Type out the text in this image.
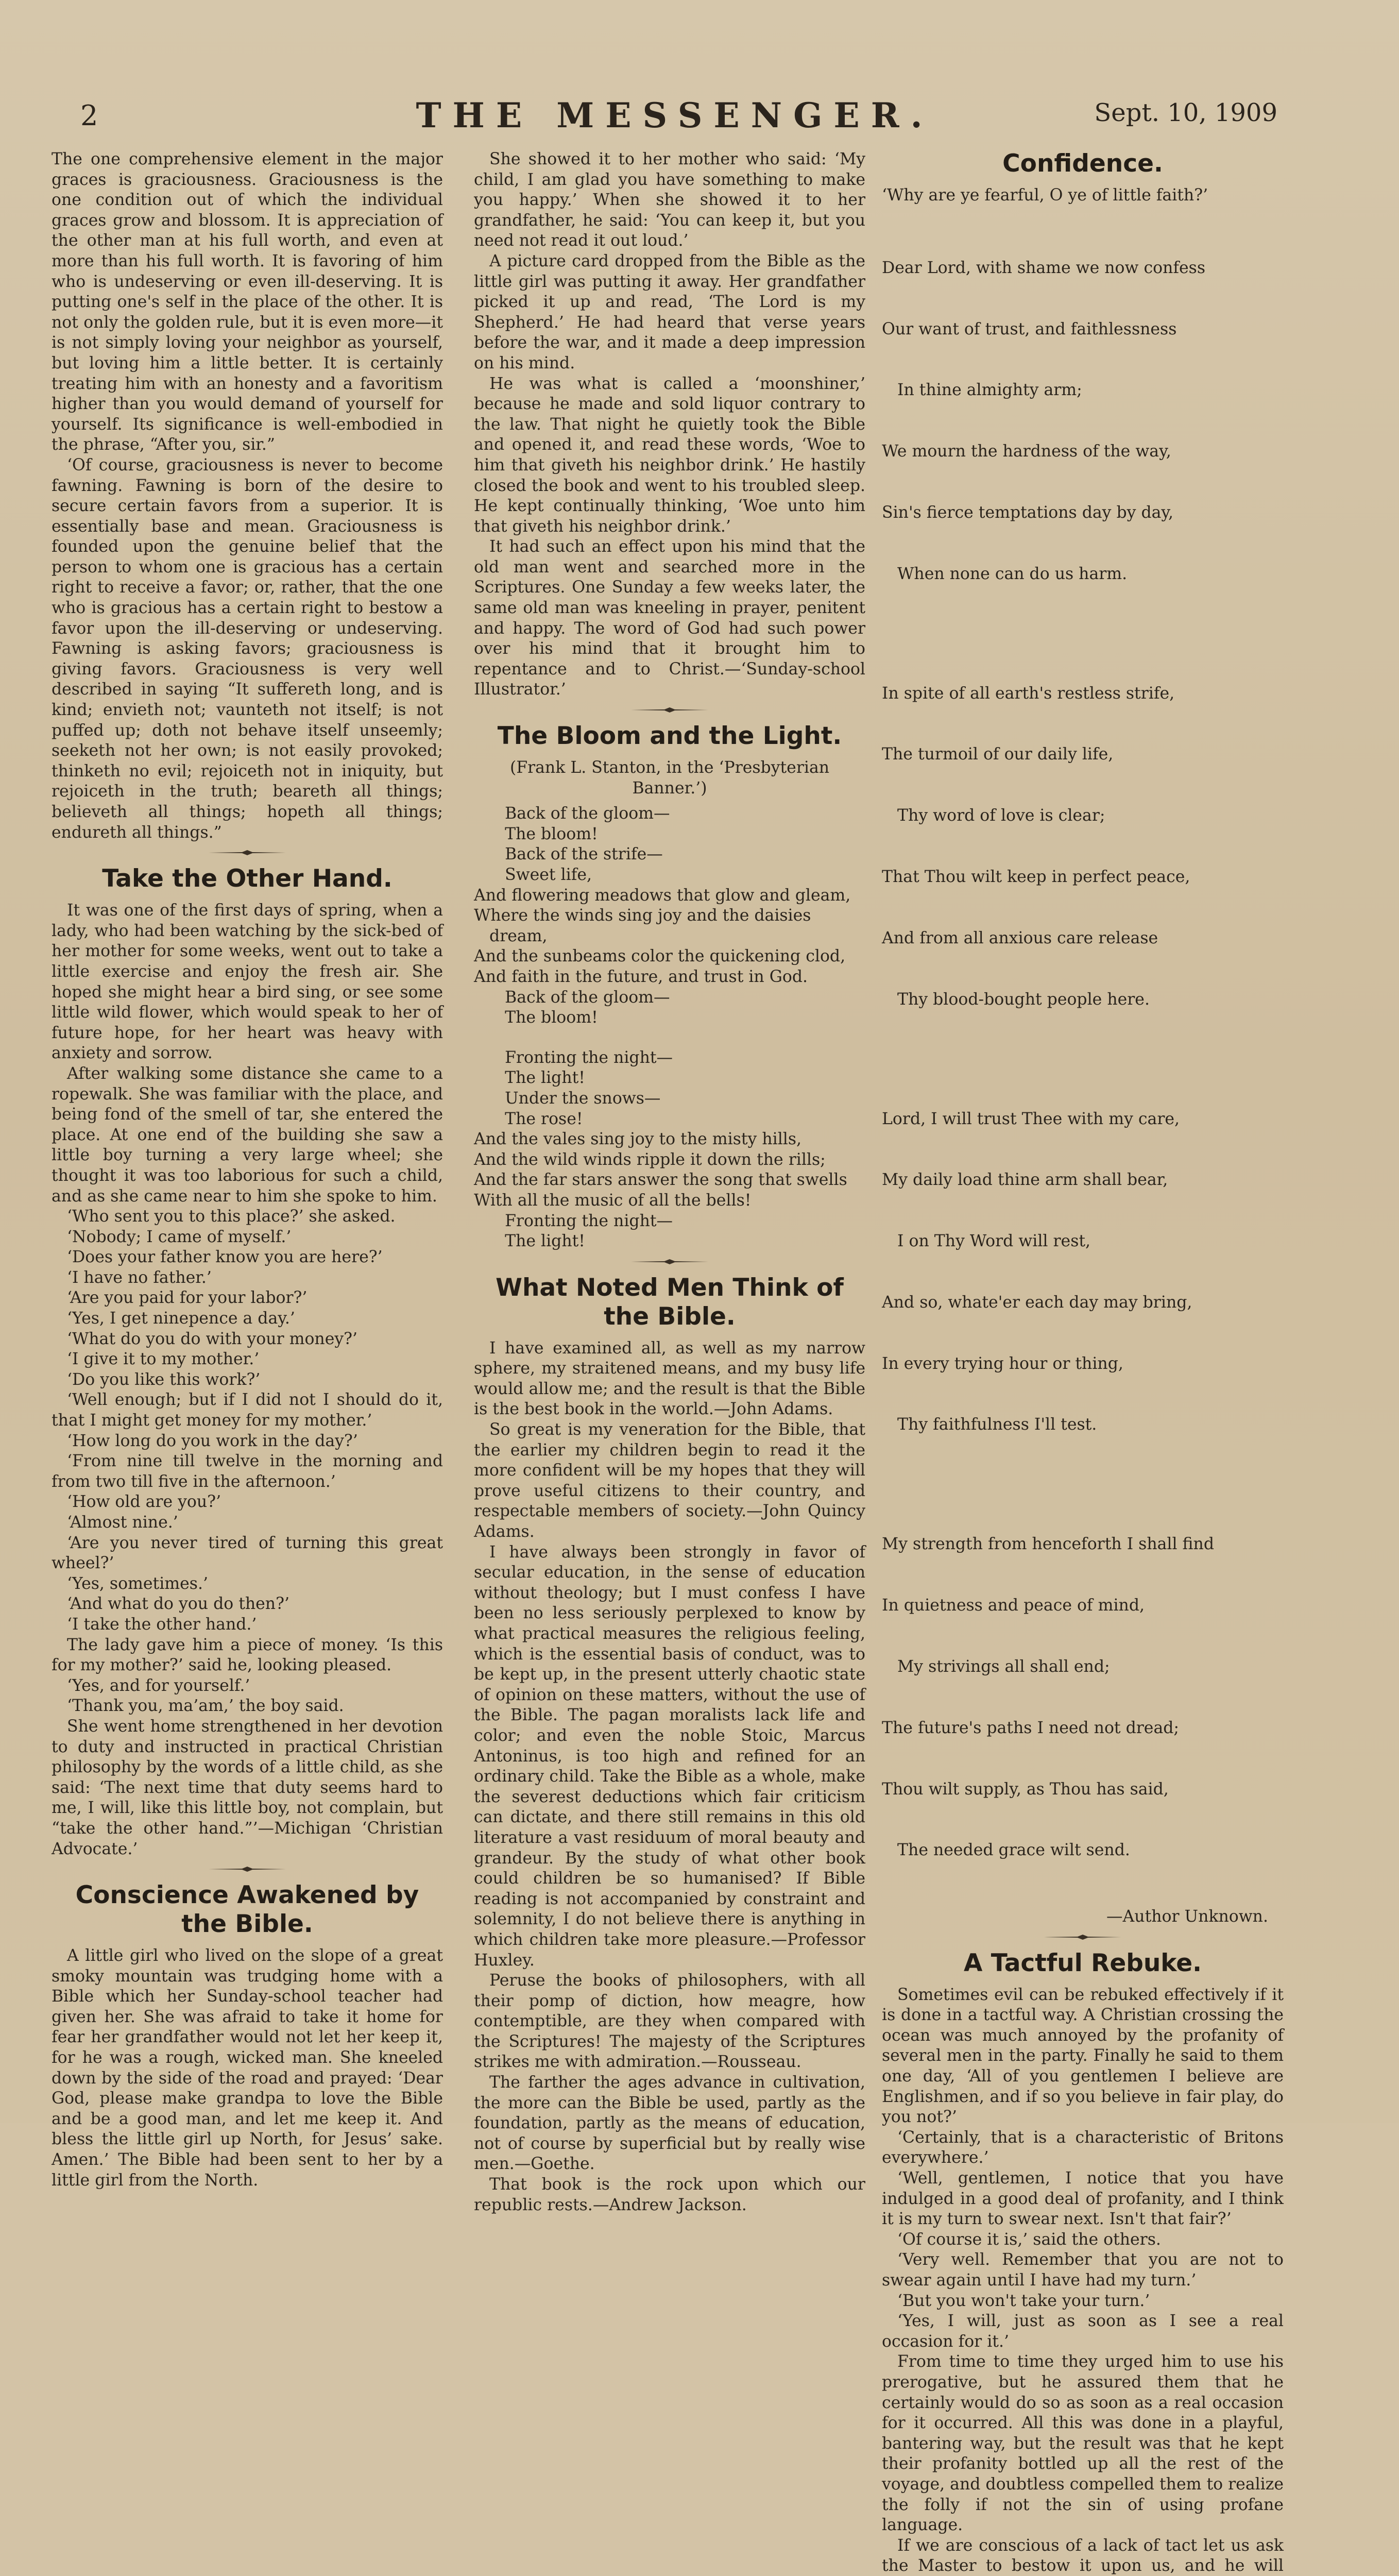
2	THE MESSENGER.	Sept. 10, 1909

The one comprehensive element in the major graces is graciousness. Graciousness is the one condition out of which the individual graces grow and blossom. It is appreciation of the other man at his full worth, and even at more than his full worth. It is favoring of him who is undeserving or even ill-deserving. It is putting one's self in the place of the other. It is not only the golden rule, but it is even more—it is not simply loving your neighbor as yourself, but loving him a little better. It is certainly treating him with an honesty and a favoritism higher than you would demand of yourself for yourself. Its significance is well-embodied in the phrase, “After you, sir.”

‘Of course, graciousness is never to become fawning. Fawning is born of the desire to secure certain favors from a superior. It is essentially base and mean. Graciousness is founded upon the genuine belief that the person to whom one is gracious has a certain right to receive a favor; or, rather, that the one who is gracious has a certain right to bestow a favor upon the ill-deserving or undeserving. Fawning is asking favors; graciousness is giving favors. Graciousness is very well described in saying “It suffereth long, and is kind; envieth not; vaunteth not itself; is not puffed up; doth not behave itself unseemly; seeketh not her own; is not easily provoked; thinketh no evil; rejoiceth not in iniquity, but rejoiceth in the truth; beareth all things; believeth all things; hopeth all things; endureth all things.”

Take the Other Hand.

It was one of the first days of spring, when a lady, who had been watching by the sick-bed of her mother for some weeks, went out to take a little exercise and enjoy the fresh air. She hoped she might hear a bird sing, or see some little wild flower, which would speak to her of future hope, for her heart was heavy with anxiety and sorrow.

After walking some distance she came to a ropewalk. She was familiar with the place, and being fond of the smell of tar, she entered the place. At one end of the building she saw a little boy turning a very large wheel; she thought it was too laborious for such a child, and as she came near to him she spoke to him.

‘Who sent you to this place?’ she asked.

‘Nobody; I came of myself.’

‘Does your father know you are here?’

‘I have no father.’

‘Are you paid for your labor?’

‘Yes, I get ninepence a day.’

‘What do you do with your money?’

‘I give it to my mother.’

‘Do you like this work?’

‘Well enough; but if I did not I should do it, that I might get money for my mother.’

‘How long do you work in the day?’

‘From nine till twelve in the morning and from two till five in the afternoon.’

‘How old are you?’

‘Almost nine.’

‘Are you never tired of turning this great wheel?’

‘Yes, sometimes.’

‘And what do you do then?’

‘I take the other hand.’

The lady gave him a piece of money. ‘Is this for my mother?’ said he, looking pleased.

‘Yes, and for yourself.’

‘Thank you, ma’am,’ the boy said.

She went home strengthened in her devotion to duty and instructed in practical Christian philosophy by the words of a little child, as she said: ‘The next time that duty seems hard to me, I will, like this little boy, not complain, but “take the other hand.”’—Michigan ‘Christian Advocate.’

Conscience Awakened by the Bible.

A little girl who lived on the slope of a great smoky mountain was trudging home with a Bible which her Sunday-school teacher had given her. She was afraid to take it home for fear her grandfather would not let her keep it, for he was a rough, wicked man. She kneeled down by the side of the road and prayed: ‘Dear God, please make grandpa to love the Bible and be a good man, and let me keep it. And bless the little girl up North, for Jesus’ sake. Amen.’ The Bible had been sent to her by a little girl from the North.

She showed it to her mother who said: ‘My child, I am glad you have something to make you happy.’ When she showed it to her grandfather, he said: ‘You can keep it, but you need not read it out loud.’

A picture card dropped from the Bible as the little girl was putting it away. Her grandfather picked it up and read, ‘The Lord is my Shepherd.’ He had heard that verse years before the war, and it made a deep impression on his mind.

He was what is called a ‘moonshiner,’ because he made and sold liquor contrary to the law. That night he quietly took the Bible and opened it, and read these words, ‘Woe to him that giveth his neighbor drink.’ He hastily closed the book and went to his troubled sleep. He kept continually thinking, ‘Woe unto him that giveth his neighbor drink.’

It had such an effect upon his mind that the old man went and searched more in the Scriptures. One Sunday a few weeks later, the same old man was kneeling in prayer, penitent and happy. The word of God had such power over his mind that it brought him to repentance and to Christ.—‘Sunday-school Illustrator.’

The Bloom and the Light.
(Frank L. Stanton, in the ‘Presbyterian Banner.’)
Back of the gloom—
The bloom!
Back of the strife—
Sweet life,
And flowering meadows that glow and gleam,
Where the winds sing joy and the daisies
dream,
And the sunbeams color the quickening clod,
And faith in the future, and trust in God.
Back of the gloom—
The bloom!
Fronting the night—
The light!
Under the snows—
The rose!
And the vales sing joy to the misty hills,
And the wild winds ripple it down the rills;
And the far stars answer the song that swells
With all the music of all the bells!
Fronting the night—
The light!
What Noted Men Think of the Bible.

I have examined all, as well as my narrow sphere, my straitened means, and my busy life would allow me; and the result is that the Bible is the best book in the world.—John Adams.

So great is my veneration for the Bible, that the earlier my children begin to read it the more confident will be my hopes that they will prove useful citizens to their country, and respectable members of society.—John Quincy Adams.

I have always been strongly in favor of secular education, in the sense of education without theology; but I must confess I have been no less seriously perplexed to know by what practical measures the religious feeling, which is the essential basis of conduct, was to be kept up, in the present utterly chaotic state of opinion on these matters, without the use of the Bible. The pagan moralists lack life and color; and even the noble Stoic, Marcus Antoninus, is too high and refined for an ordinary child. Take the Bible as a whole, make the severest deductions which fair criticism can dictate, and there still remains in this old literature a vast residuum of moral beauty and grandeur. By the study of what other book could children be so humanised? If Bible reading is not accompanied by constraint and solemnity, I do not believe there is anything in which children take more pleasure.—Professor Huxley.

Peruse the books of philosophers, with all their pomp of diction, how meagre, how contemptible, are they when compared with the Scriptures! The majesty of the Scriptures strikes me with admiration.—Rousseau.

The farther the ages advance in cultivation, the more can the Bible be used, partly as the foundation, partly as the means of education, not of course by superficial but by really wise men.—Goethe.

That book is the rock upon which our republic rests.—Andrew Jackson.

Confidence.

‘Why are ye fearful, O ye of little faith?’

Dear Lord, with shame we now confess

Our want of trust, and faithlessness

In thine almighty arm;

We mourn the hardness of the way,

Sin's fierce temptations day by day,

When none can do us harm.

In spite of all earth's restless strife,

The turmoil of our daily life,

Thy word of love is clear;

That Thou wilt keep in perfect peace,

And from all anxious care release

Thy blood-bought people here.

Lord, I will trust Thee with my care,

My daily load thine arm shall bear,

I on Thy Word will rest,

And so, whate'er each day may bring,

In every trying hour or thing,

Thy faithfulness I'll test.

My strength from henceforth I shall find

In quietness and peace of mind,

My strivings all shall end;

The future's paths I need not dread;

Thou wilt supply, as Thou has said,

The needed grace wilt send.

—Author Unknown.
A Tactful Rebuke.

Sometimes evil can be rebuked effectively if it is done in a tactful way. A Christian crossing the ocean was much annoyed by the profanity of several men in the party. Finally he said to them one day, ‘All of you gentlemen I believe are Englishmen, and if so you believe in fair play, do you not?’

‘Certainly, that is a characteristic of Britons everywhere.’

‘Well, gentlemen, I notice that you have indulged in a good deal of profanity, and I think it is my turn to swear next. Isn't that fair?’

‘Of course it is,’ said the others.

‘Very well. Remember that you are not to swear again until I have had my turn.’

‘But you won't take your turn.’

‘Yes, I will, just as soon as I see a real occasion for it.’

From time to time they urged him to use his prerogative, but he assured them that he certainly would do so as soon as a real occasion for it occurred. All this was done in a playful, bantering way, but the result was that he kept their profanity bottled up all the rest of the voyage, and doubtless compelled them to realize the folly if not the sin of using profane language.

If we are conscious of a lack of tact let us ask the Master to bestow it upon us, and he will
